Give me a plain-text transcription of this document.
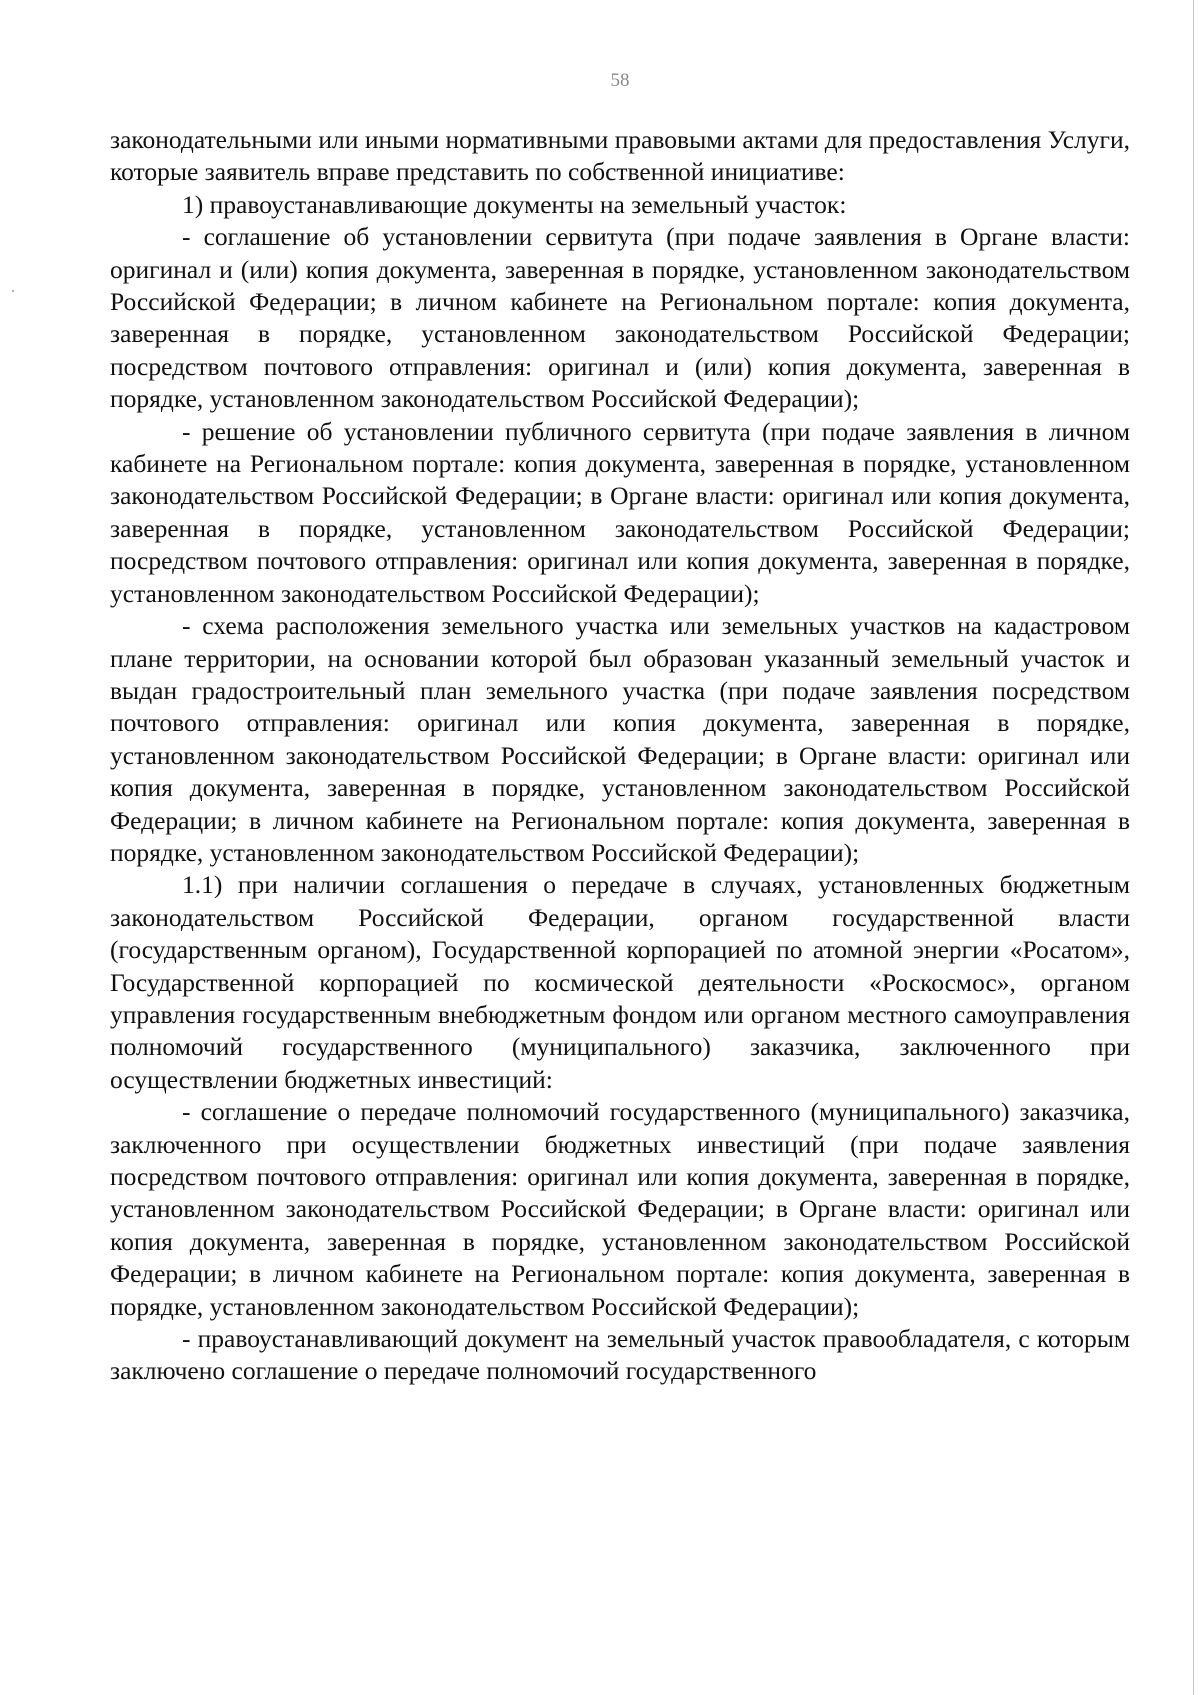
58

законодательными или иными нормативными правовыми актами для предоставления Услуги, которые заявитель вправе представить по собственной инициативе:

1) правоустанавливающие документы на земельный участок:

- соглашение об установлении сервитута (при подаче заявления в Органе власти: оригинал и (или) копия документа, заверенная в порядке, установленном законодательством Российской Федерации; в личном кабинете на Региональном портале: копия документа, заверенная в порядке, установленном законодательством Российской Федерации; посредством почтового отправления: оригинал и (или) копия документа, заверенная в порядке, установленном законодательством Российской Федерации);

- решение об установлении публичного сервитута (при подаче заявления в личном кабинете на Региональном портале: копия документа, заверенная в порядке, установленном законодательством Российской Федерации; в Органе власти: оригинал или копия документа, заверенная в порядке, установленном законодательством Российской Федерации; посредством почтового отправления: оригинал или копия документа, заверенная в порядке, установленном законодательством Российской Федерации);

- схема расположения земельного участка или земельных участков на кадастровом плане территории, на основании которой был образован указанный земельный участок и выдан градостроительный план земельного участка (при подаче заявления посредством почтового отправления: оригинал или копия документа, заверенная в порядке, установленном законодательством Российской Федерации; в Органе власти: оригинал или копия документа, заверенная в порядке, установленном законодательством Российской Федерации; в личном кабинете на Региональном портале: копия документа, заверенная в порядке, установленном законодательством Российской Федерации);

1.1) при наличии соглашения о передаче в случаях, установленных бюджетным законодательством Российской Федерации, органом государственной власти (государственным органом), Государственной корпорацией по атомной энергии «Росатом», Государственной корпорацией по космической деятельности «Роскосмос», органом управления государственным внебюджетным фондом или органом местного самоуправления полномочий государственного (муниципального) заказчика, заключенного при осуществлении бюджетных инвестиций:

- соглашение о передаче полномочий государственного (муниципального) заказчика, заключенного при осуществлении бюджетных инвестиций (при подаче заявления посредством почтового отправления: оригинал или копия документа, заверенная в порядке, установленном законодательством Российской Федерации; в Органе власти: оригинал или копия документа, заверенная в порядке, установленном законодательством Российской Федерации; в личном кабинете на Региональном портале: копия документа, заверенная в порядке, установленном законодательством Российской Федерации);

- правоустанавливающий документ на земельный участок правообладателя, с которым заключено соглашение о передаче полномочий государственного
